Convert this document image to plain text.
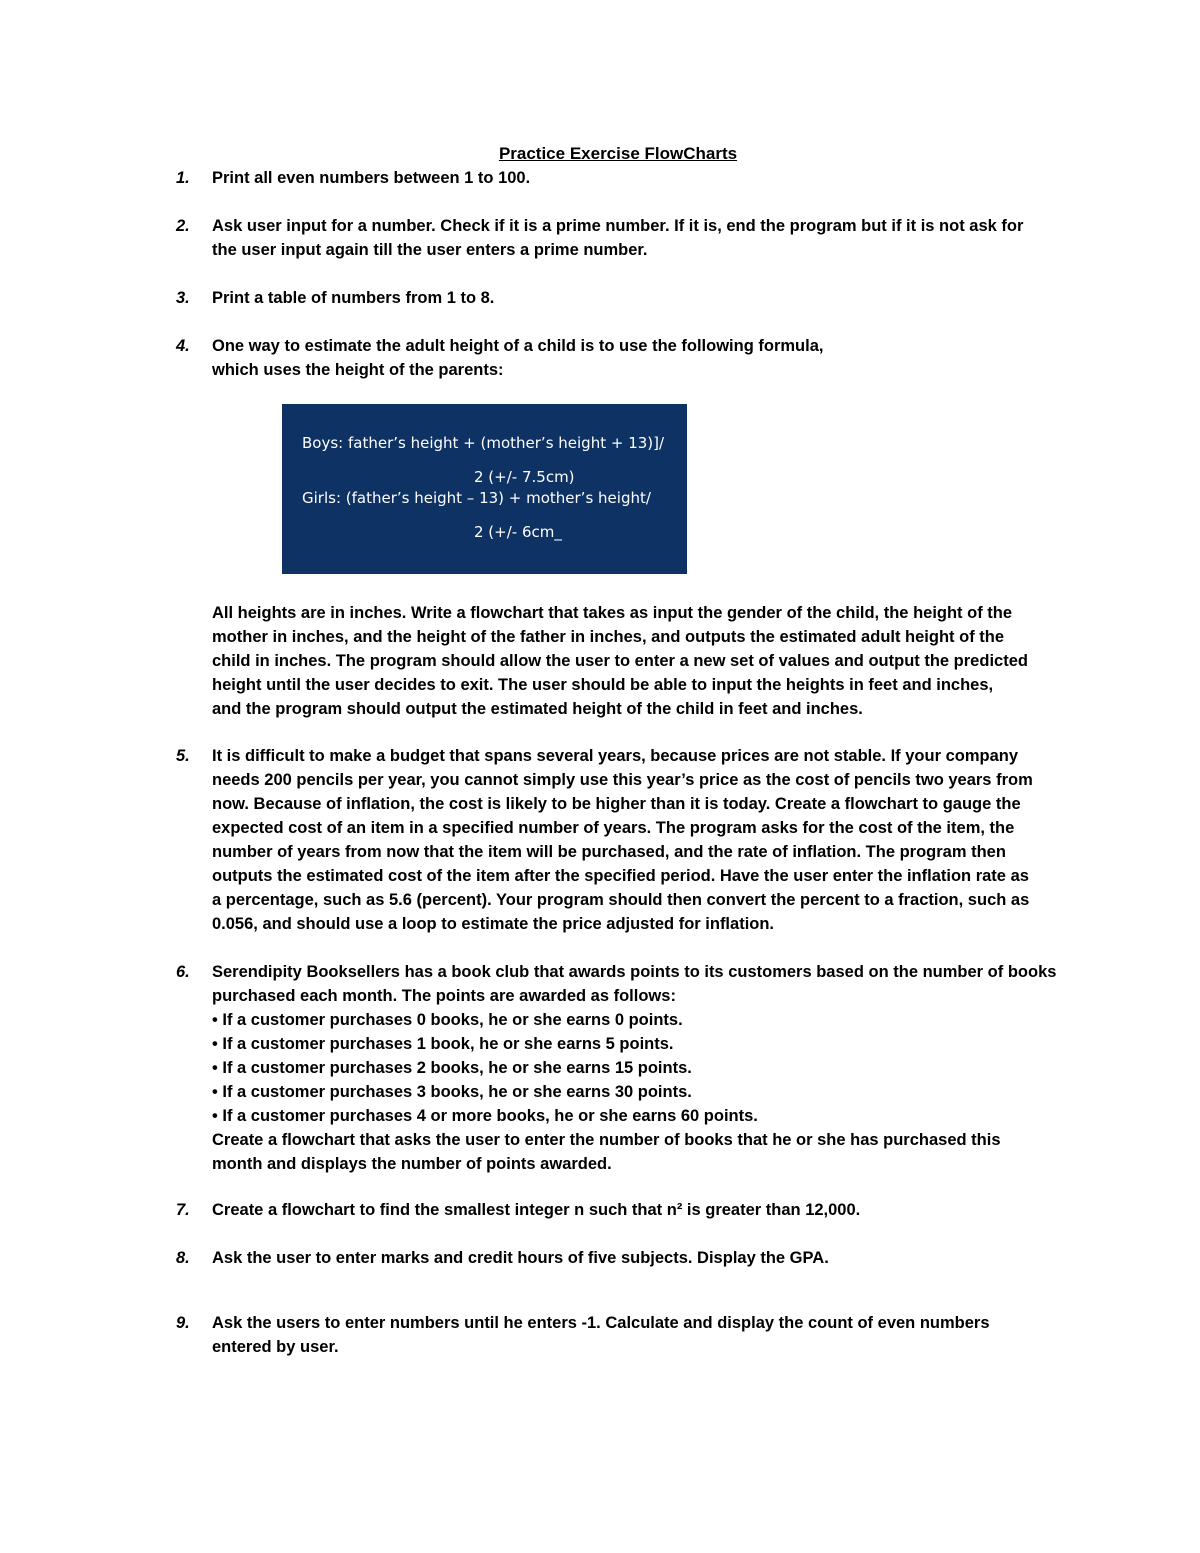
Practice Exercise FlowCharts
1.	Print all even numbers between 1 to 100.
2.	Ask user input for a number. Check if it is a prime number. If it is, end the program but if it is not ask for
the user input again till the user enters a prime number.
3.	Print a table of numbers from 1 to 8.
4.	One way to estimate the adult height of a child is to use the following formula,
which uses the height of the parents:
Boys: father’s height + (mother’s height + 13)]/
2 (+/- 7.5cm)
Girls: (father’s height – 13) + mother’s height/
2 (+/- 6cm_
All heights are in inches. Write a flowchart that takes as input the gender of the child, the height of the
mother in inches, and the height of the father in inches, and outputs the estimated adult height of the
child in inches. The program should allow the user to enter a new set of values and output the predicted
height until the user decides to exit. The user should be able to input the heights in feet and inches,
and the program should output the estimated height of the child in feet and inches.
5.	It is difficult to make a budget that spans several years, because prices are not stable. If your company
needs 200 pencils per year, you cannot simply use this year’s price as the cost of pencils two years from
now. Because of inflation, the cost is likely to be higher than it is today. Create a flowchart to gauge the
expected cost of an item in a specified number of years. The program asks for the cost of the item, the
number of years from now that the item will be purchased, and the rate of inflation. The program then
outputs the estimated cost of the item after the specified period. Have the user enter the inflation rate as
a percentage, such as 5.6 (percent). Your program should then convert the percent to a fraction, such as
0.056, and should use a loop to estimate the price adjusted for inflation.
6.	Serendipity Booksellers has a book club that awards points to its customers based on the number of books
purchased each month. The points are awarded as follows:
• If a customer purchases 0 books, he or she earns 0 points.
• If a customer purchases 1 book, he or she earns 5 points.
• If a customer purchases 2 books, he or she earns 15 points.
• If a customer purchases 3 books, he or she earns 30 points.
• If a customer purchases 4 or more books, he or she earns 60 points.
Create a flowchart that asks the user to enter the number of books that he or she has purchased this
month and displays the number of points awarded.
7.	Create a flowchart to find the smallest integer n such that n² is greater than 12,000.
8.	Ask the user to enter marks and credit hours of five subjects. Display the GPA.
9.	Ask the users to enter numbers until he enters -1. Calculate and display the count of even numbers
entered by user.
